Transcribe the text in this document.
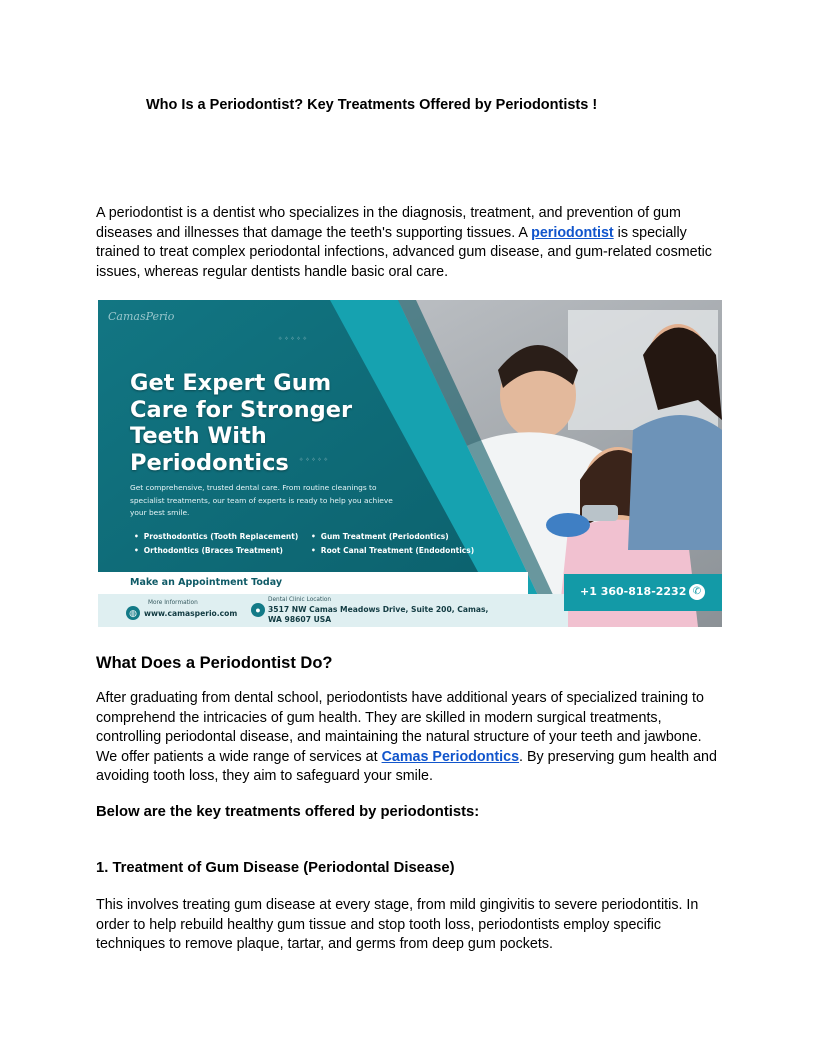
Who Is a Periodontist? Key Treatments Offered by Periodontists !

A periodontist is a dentist who specializes in the diagnosis, treatment, and prevention of gum diseases and illnesses that damage the teeth's supporting tissues. A periodontist is specially trained to treat complex periodontal infections, advanced gum disease, and gum-related cosmetic issues, whereas regular dentists handle basic oral care.

CamasPerio
⁘⁘⁘⁘⁘
⁘⁘⁘⁘⁘
Get Expert Gum Care for Stronger Teeth With Periodontics
Get comprehensive, trusted dental care. From routine cleanings to specialist treatments, our team of experts is ready to help you achieve your best smile.
• Prosthodontics (Tooth Replacement)
• Orthodontics (Braces Treatment)
• Gum Treatment (Periodontics)
• Root Canal Treatment (Endodontics)
Make an Appointment Today
◍
More Information
www.camasperio.com	●
Dental Clinic Location
3517 NW Camas Meadows Drive, Suite 200, Camas, WA 98607 USA
+1 360-818-2232 ✆
What Does a Periodontist Do?

After graduating from dental school, periodontists have additional years of specialized training to comprehend the intricacies of gum health. They are skilled in modern surgical treatments, controlling periodontal disease, and maintaining the natural structure of your teeth and jawbone. We offer patients a wide range of services at Camas Periodontics. By preserving gum health and avoiding tooth loss, they aim to safeguard your smile.

Below are the key treatments offered by periodontists:
1. Treatment of Gum Disease (Periodontal Disease)

This involves treating gum disease at every stage, from mild gingivitis to severe periodontitis. In order to help rebuild healthy gum tissue and stop tooth loss, periodontists employ specific techniques to remove plaque, tartar, and germs from deep gum pockets.
